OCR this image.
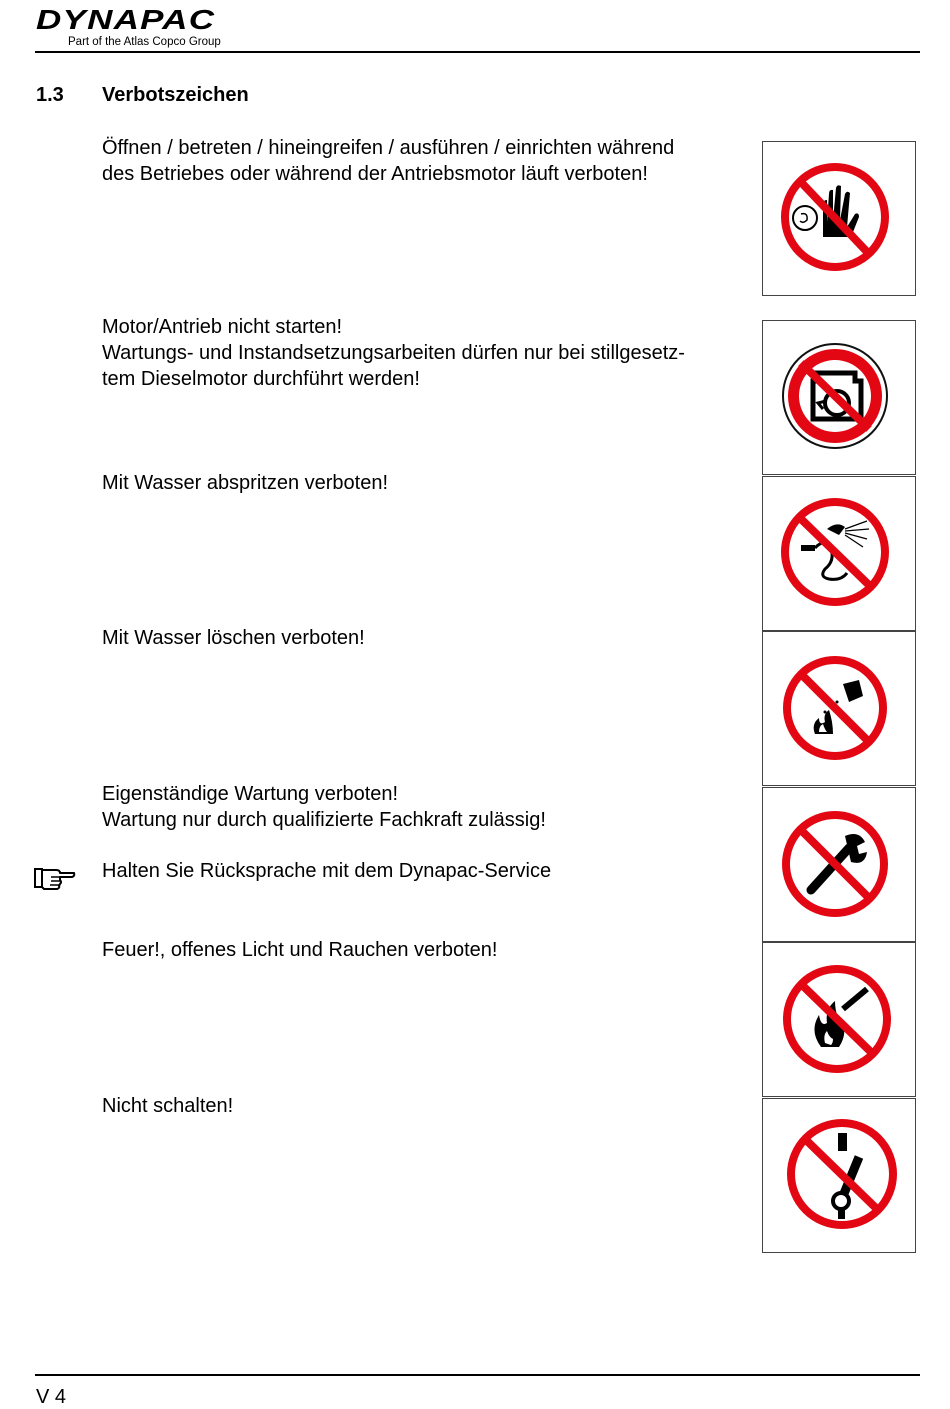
DYNAPAC
Part of the Atlas Copco Group
1.3 Verbotszeichen
Öffnen / betreten / hineingreifen / ausführen / einrichten während
des Betriebes oder während der Antriebsmotor läuft verboten!
Motor/Antrieb nicht starten!
Wartungs- und Instandsetzungsarbeiten dürfen nur bei stillgesetz-
tem Dieselmotor durchführt werden!
Mit Wasser abspritzen verboten!
Mit Wasser löschen verboten!
Eigenständige Wartung verboten!
Wartung nur durch qualifizierte Fachkraft zulässig!
Halten Sie Rücksprache mit dem Dynapac-Service
Feuer!, offenes Licht und Rauchen verboten!
Nicht schalten!
V 4
